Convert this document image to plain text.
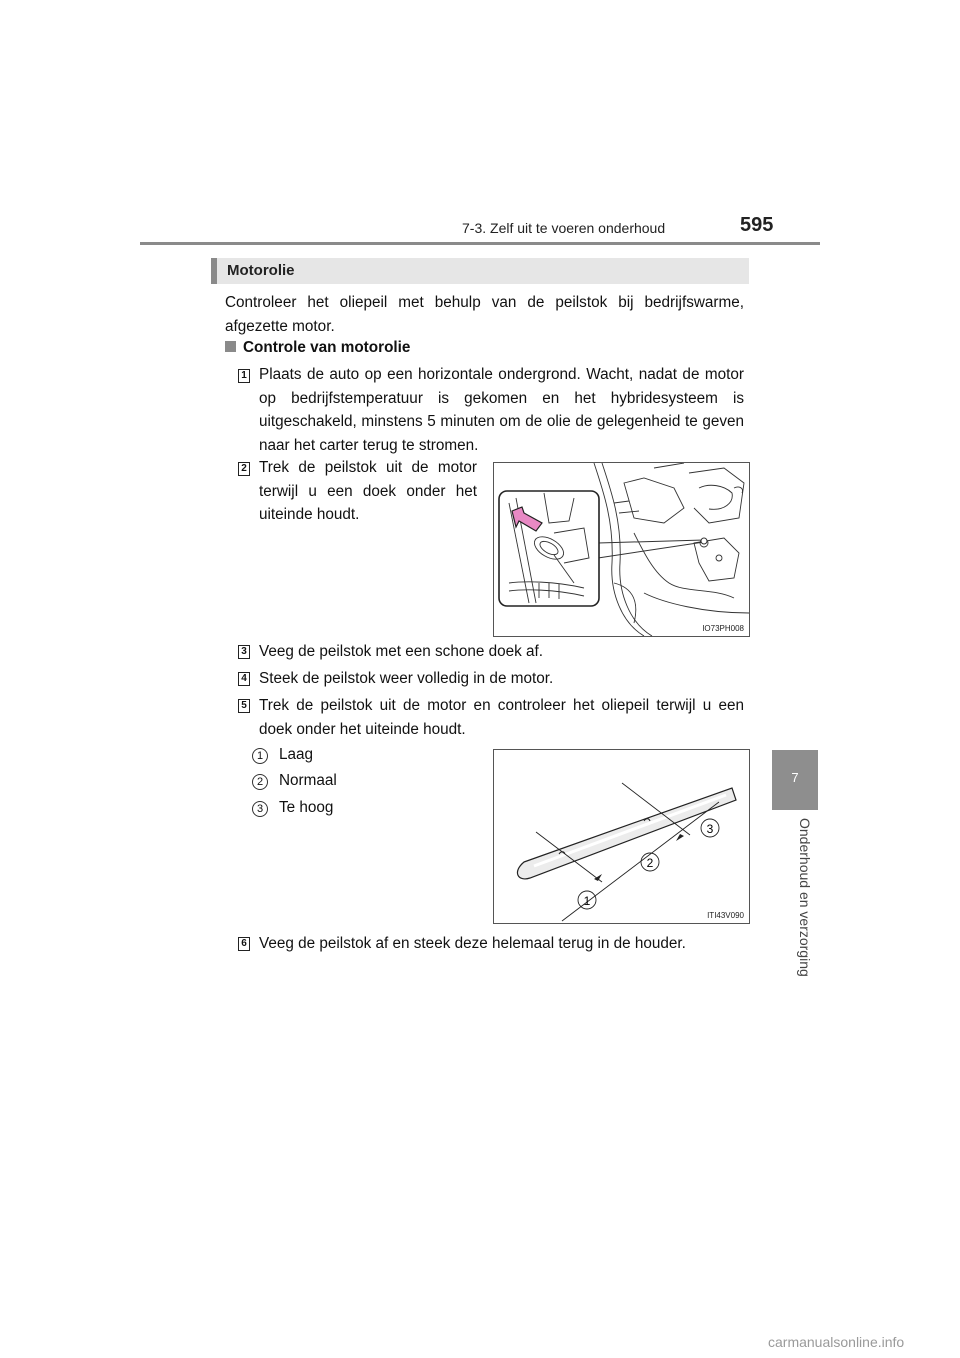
7-3. Zelf uit te voeren onderhoud	595
7
Onderhoud en verzorging
Motorolie
Controleer het oliepeil met behulp van de peilstok bij bedrijfswarme, afgezette motor.
Controle van motorolie
1 Plaats de auto op een horizontale ondergrond. Wacht, nadat de motor op bedrijfstemperatuur is gekomen en het hybridesysteem is uitgeschakeld, minstens 5 minuten om de olie de gelegenheid te geven naar het carter terug te stromen.
2 Trek de peilstok uit de motor terwijl u een doek onder het uiteinde houdt.
IO73PH008
3 Veeg de peilstok met een schone doek af.
4 Steek de peilstok weer volledig in de motor.
5 Trek de peilstok uit de motor en controleer het oliepeil terwijl u een doek onder het uiteinde houdt.
1 Laag
2 Normaal
3 Te hoog
1
2
3
ITI43V090
6 Veeg de peilstok af en steek deze helemaal terug in de houder.
carmanualsonline.info
